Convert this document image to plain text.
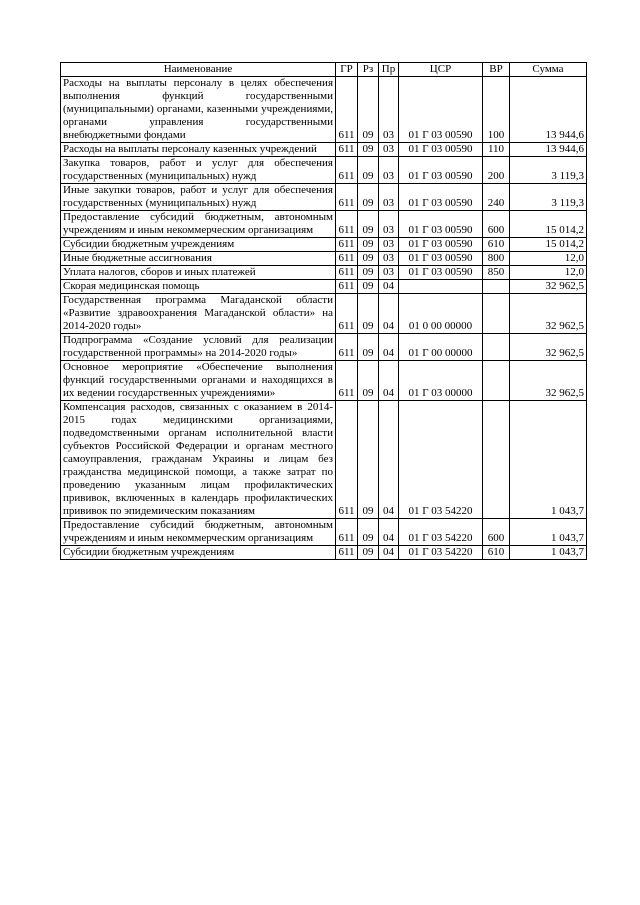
Наименование	ГР	Рз	Пр	ЦСР	ВР	Сумма
Расходы на выплаты персоналу в целях обеспечения выполнения функций государственными (муниципальными) органами, казенными учреждениями, органами управления государственными внебюджетными фондами	611	09	03	01 Г 03 00590	100	13 944,6
Расходы на выплаты персоналу казенных учреждений	611	09	03	01 Г 03 00590	110	13 944,6
Закупка товаров, работ и услуг для обеспечения государственных (муниципальных) нужд	611	09	03	01 Г 03 00590	200	3 119,3
Иные закупки товаров, работ и услуг для обеспечения государственных (муниципальных) нужд	611	09	03	01 Г 03 00590	240	3 119,3
Предоставление субсидий бюджетным, автономным учреждениям и иным некоммерческим организациям	611	09	03	01 Г 03 00590	600	15 014,2
Субсидии бюджетным учреждениям	611	09	03	01 Г 03 00590	610	15 014,2
Иные бюджетные ассигнования	611	09	03	01 Г 03 00590	800	12,0
Уплата налогов, сборов и иных платежей	611	09	03	01 Г 03 00590	850	12,0
Скорая медицинская помощь	611	09	04			32 962,5
Государственная программа Магаданской области «Развитие здравоохранения Магаданской области» на 2014-2020 годы»	611	09	04	01 0 00 00000		32 962,5
Подпрограмма «Создание условий для реализации государственной программы» на 2014-2020 годы»	611	09	04	01 Г 00 00000		32 962,5
Основное мероприятие «Обеспечение выполнения функций государственными органами и находящихся в их ведении государственных учреждениями»	611	09	04	01 Г 03 00000		32 962,5
Компенсация расходов, связанных с оказанием в 2014-2015 годах медицинскими организациями, подведомственными органам исполнительной власти субъектов Российской Федерации и органам местного самоуправления, гражданам Украины и лицам без гражданства медицинской помощи, а также затрат по проведению указанным лицам профилактических прививок, включенных в календарь профилактических прививок по эпидемическим показаниям	611	09	04	01 Г 03 54220		1 043,7
Предоставление субсидий бюджетным, автономным учреждениям и иным некоммерческим организациям	611	09	04	01 Г 03 54220	600	1 043,7
Субсидии бюджетным учреждениям	611	09	04	01 Г 03 54220	610	1 043,7
